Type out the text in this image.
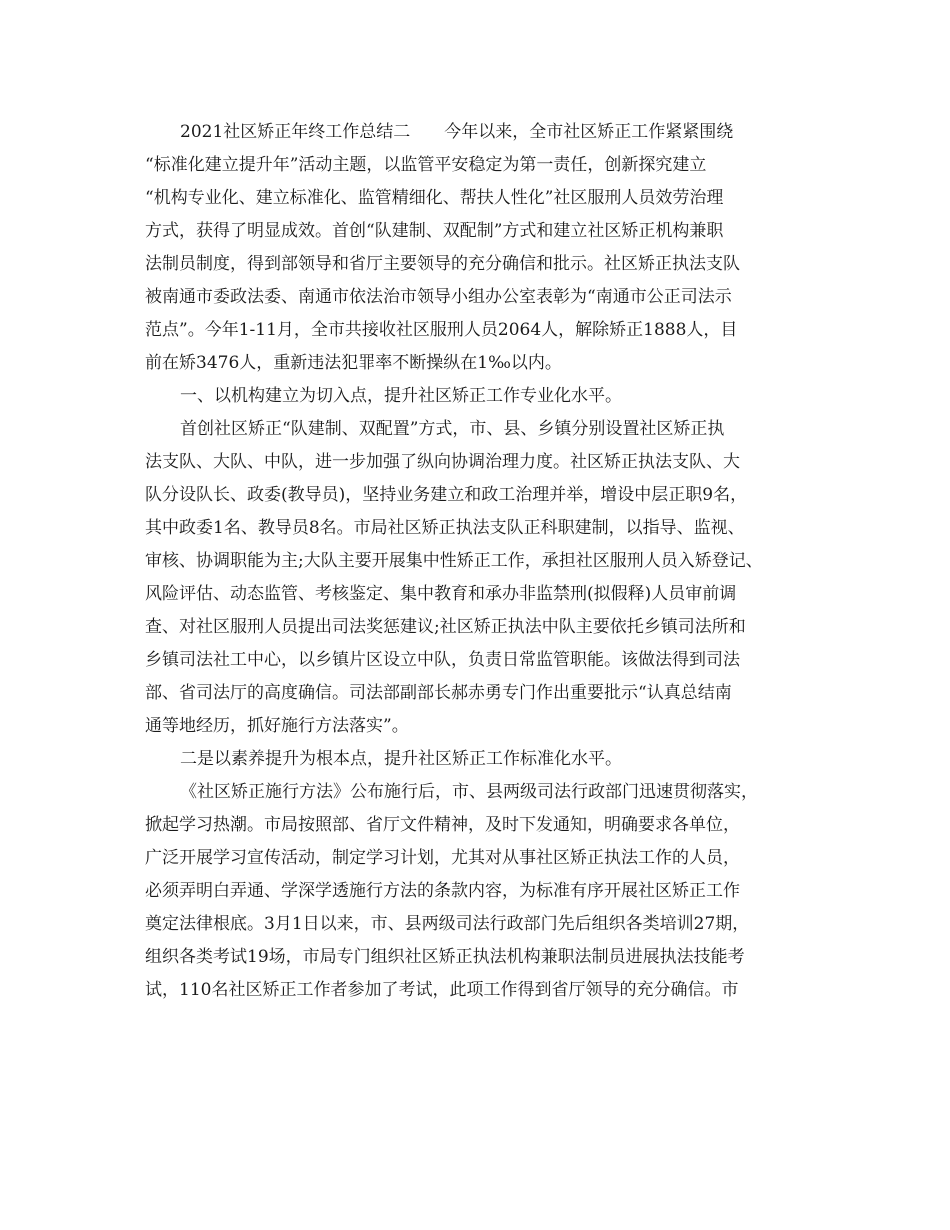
2021社区矫正年终工作总结二　　今年以来，全市社区矫正工作紧紧围绕
“标准化建立提升年”活动主题，以监管平安稳定为第一责任，创新探究建立
“机构专业化、建立标准化、监管精细化、帮扶人性化”社区服刑人员效劳治理
方式，获得了明显成效。首创“队建制、双配制”方式和建立社区矫正机构兼职
法制员制度，得到部领导和省厅主要领导的充分确信和批示。社区矫正执法支队
被南通市委政法委、南通市依法治市领导小组办公室表彰为“南通市公正司法示
范点”。今年1-11月，全市共接收社区服刑人员2064人，解除矫正1888人，目
前在矫3476人，重新违法犯罪率不断操纵在1‰以内。
一、以机构建立为切入点，提升社区矫正工作专业化水平。
首创社区矫正“队建制、双配置”方式，市、县、乡镇分别设置社区矫正执
法支队、大队、中队，进一步加强了纵向协调治理力度。社区矫正执法支队、大
队分设队长、政委(教导员)，坚持业务建立和政工治理并举，增设中层正职9名，
其中政委1名、教导员8名。市局社区矫正执法支队正科职建制，以指导、监视、
审核、协调职能为主;大队主要开展集中性矫正工作，承担社区服刑人员入矫登记、
风险评估、动态监管、考核鉴定、集中教育和承办非监禁刑(拟假释)人员审前调
查、对社区服刑人员提出司法奖惩建议;社区矫正执法中队主要依托乡镇司法所和
乡镇司法社工中心，以乡镇片区设立中队，负责日常监管职能。该做法得到司法
部、省司法厅的高度确信。司法部副部长郝赤勇专门作出重要批示“认真总结南
通等地经历，抓好施行方法落实”。
二是以素养提升为根本点，提升社区矫正工作标准化水平。
《社区矫正施行方法》公布施行后，市、县两级司法行政部门迅速贯彻落实，
掀起学习热潮。市局按照部、省厅文件精神，及时下发通知，明确要求各单位，
广泛开展学习宣传活动，制定学习计划，尤其对从事社区矫正执法工作的人员，
必须弄明白弄通、学深学透施行方法的条款内容，为标准有序开展社区矫正工作
奠定法律根底。3月1日以来，市、县两级司法行政部门先后组织各类培训27期，
组织各类考试19场，市局专门组织社区矫正执法机构兼职法制员进展执法技能考
试，110名社区矫正工作者参加了考试，此项工作得到省厅领导的充分确信。市
